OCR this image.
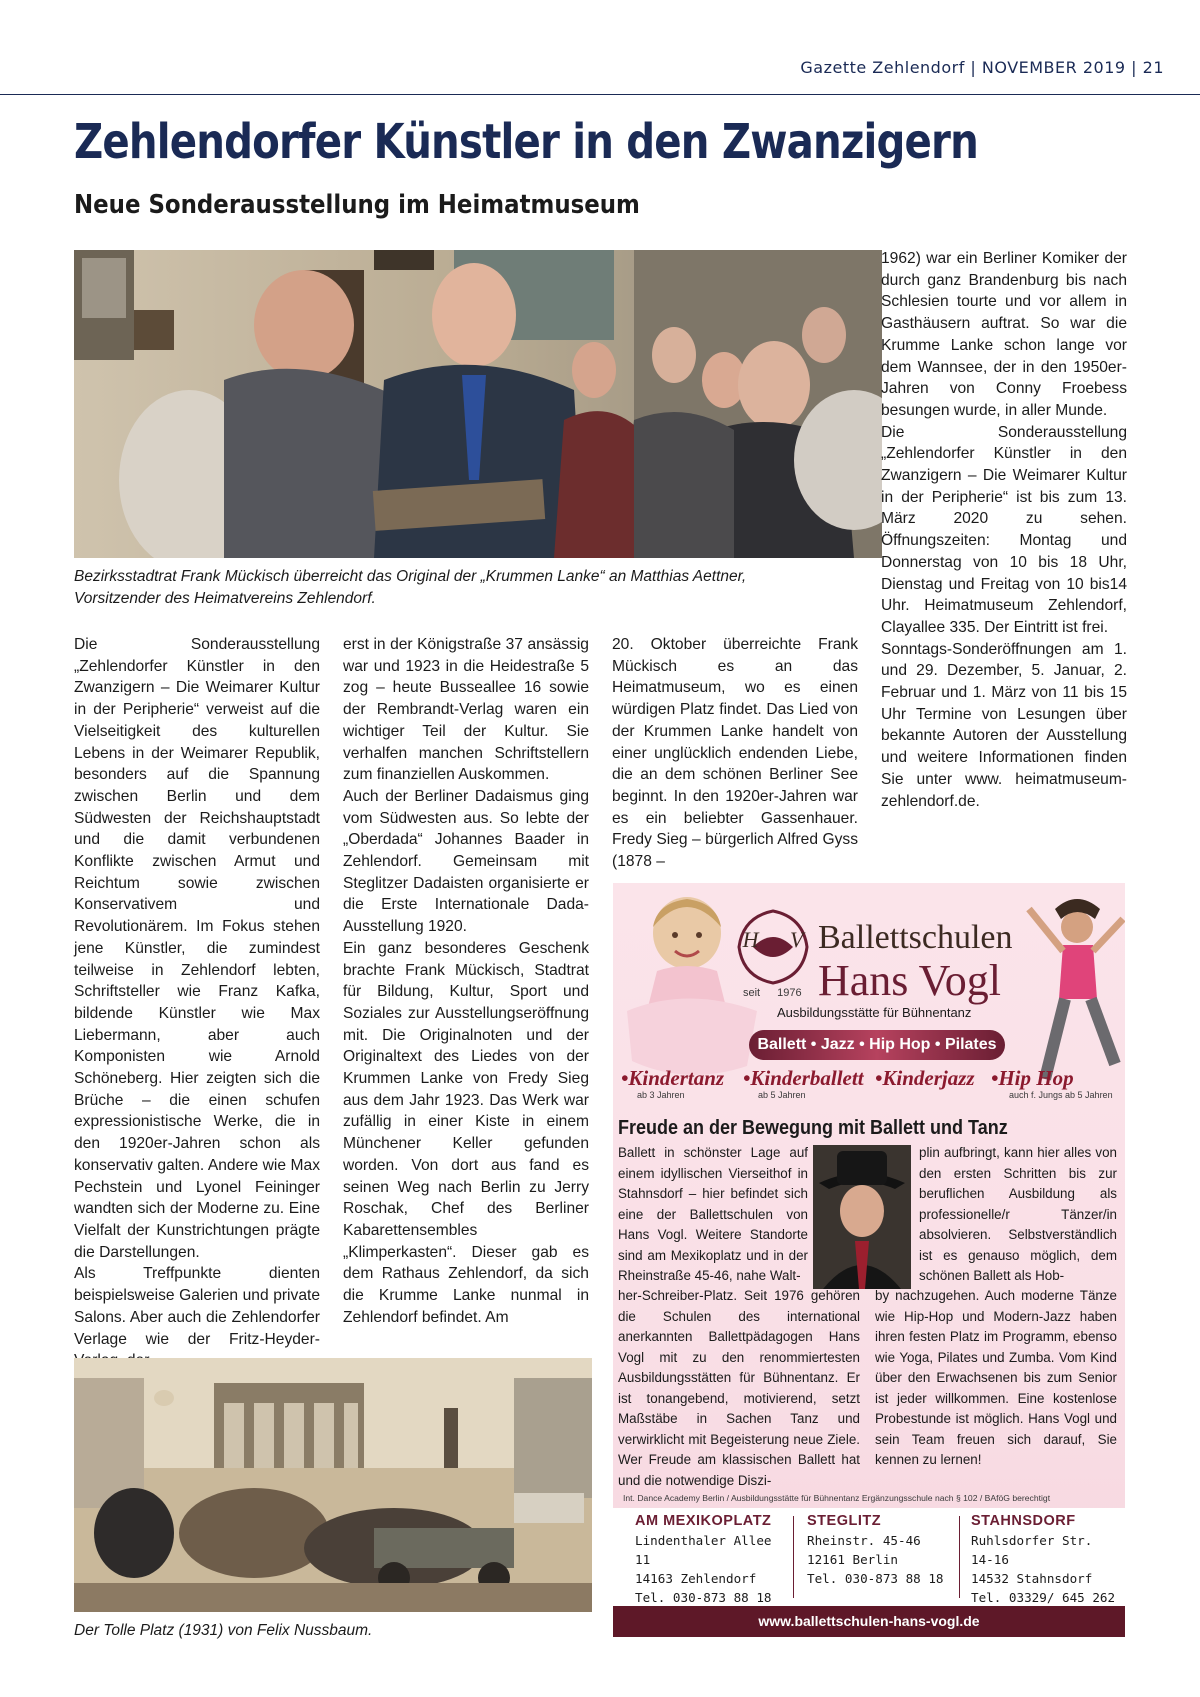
Gazette Zehlendorf | NOVEMBER 2019 | 21
Zehlendorfer Künstler in den Zwanzigern
Neue Sonderausstellung im Heimatmuseum
Bezirksstadtrat Frank Mückisch überreicht das Original der „Krummen Lanke“ an Matthias Aettner, Vorsitzender des Heimatvereins Zehlendorf.
Die Sonderausstellung „Zehlendorfer Künstler in den Zwanzigern – Die Weimarer Kultur in der Peripherie“ verweist auf die Vielseitigkeit des kulturellen Lebens in der Weimarer Republik, besonders auf die Spannung zwischen Berlin und dem Südwesten der Reichshauptstadt und die damit verbundenen Konflikte zwischen Armut und Reichtum sowie zwischen Konservativem und Revolutionärem. Im Fokus stehen jene Künstler, die zumindest teilweise in Zehlendorf lebten, Schriftsteller wie Franz Kafka, bildende Künstler wie Max Liebermann, aber auch Komponisten wie Arnold Schöneberg. Hier zeigten sich die Brüche – die einen schufen expressionistische Werke, die in den 1920er-Jahren schon als konservativ galten. Andere wie Max Pechstein und Lyonel Feininger wandten sich der Moderne zu. Eine Vielfalt der Kunstrichtungen prägte die Darstellungen.
Als Treffpunkte dienten beispielsweise Galerien und private Salons. Aber auch die Zehlendorfer Verlage wie der Fritz-Heyder-
erst in der Königstraße 37 ansässig war und 1923 in die Heidestraße 5 zog – heute Busseallee 16 sowie der Rembrandt-Verlag waren ein wichtiger Teil der Kultur. Sie verhalfen manchen Schriftstellern zum finanziellen Auskommen.
Auch der Berliner Dadaismus ging vom Südwesten aus. So lebte der „Oberdada“ Johannes Baader in Zehlendorf. Gemeinsam mit Steglitzer Dadaisten organisierte er die Erste Internationale Dada-Ausstellung 1920.
Ein ganz besonderes Geschenk brachte Frank Mückisch, Stadtrat für Bildung, Kultur, Sport und Soziales zur Ausstellungseröffnung mit. Die Originalnoten und der Originaltext des Liedes von der Krummen Lanke von Fredy Sieg aus dem Jahr 1923. Das Werk war zufällig in einer Kiste in einem Münchener Keller gefunden worden. Von dort aus fand es seinen Weg nach Berlin zu Jerry Roschak, Chef des Berliner Kabarettensembles „Klimperkasten“. Dieser gab es dem Rathaus Zehlendorf, da sich die Krumme Lanke nunmal in Zehlendorf befindet. Am
20. Oktober überreichte Frank Mückisch es an das Heimatmuseum, wo es einen würdigen Platz findet. Das Lied von der Krummen Lanke handelt von einer unglücklich endenden Liebe, die an dem schönen Berliner See beginnt. In den 1920er-Jahren war es ein beliebter Gassenhauer. Fredy Sieg – bürgerlich Alfred Gyss (1878 –
1962) war ein Berliner Komiker der durch ganz Brandenburg bis nach Schlesien tourte und vor allem in Gasthäusern auftrat. So war die Krumme Lanke schon lange vor dem Wannsee, der in den 1950er-Jahren von Conny Froebess besungen wurde, in aller Munde.
Die Sonderausstellung „Zehlendorfer Künstler in den Zwanzigern – Die Weimarer Kultur in der Peripherie“ ist bis zum 13. März 2020 zu sehen. Öffnungszeiten: Montag und Donnerstag von 10 bis 18 Uhr, Dienstag und Freitag von 10 bis14 Uhr. Heimatmuseum Zehlendorf, Clayallee 335. Der Eintritt ist frei.
Sonntags-Sonderöffnungen am 1. und 29. Dezember, 5. Januar, 2. Februar und 1. März von 11 bis 15 Uhr Termine von Lesungen über bekannte Autoren der Ausstellung und weitere Informationen finden Sie unter www. heimatmuseum-zehlendorf.de.
Der Tolle Platz (1931) von Felix Nussbaum.
H V
seit 1976
Ballettschulen
Hans Vogl
Ausbildungsstätte für Bühnentanz
Ballett • Jazz • Hip Hop • Pilates
•Kindertanz
ab 3 Jahren
•Kinderballett
ab 5 Jahren
•Kinderjazz •Hip Hop
auch f. Jungs ab 5 Jahren
Freude an der Bewegung mit Ballett und Tanz
Ballett in schönster Lage auf einem idyllischen Vierseithof in Stahnsdorf – hier befindet sich eine der Ballettschulen von Hans Vogl. Weitere Standorte sind am Mexikoplatz und in der Rheinstraße 45-46, nahe Walt-
plin aufbringt, kann hier alles von den ersten Schritten bis zur beruflichen Ausbildung als professionelle/r Tänzer/in absolvieren. Selbstverständlich ist es genauso möglich, dem schönen Ballett als Hob-
her-Schreiber-Platz. Seit 1976 gehören die Schulen des international anerkannten Ballettpädagogen Hans Vogl mit zu den renommiertesten Ausbildungsstätten für Bühnentanz. Er ist tonangebend, motivierend, setzt Maßstäbe in Sachen Tanz und verwirklicht mit Begeisterung neue Ziele. Wer Freude am klassischen Ballett hat und die notwendige Diszi-
by nachzugehen. Auch moderne Tänze wie Hip-Hop und Modern-Jazz haben ihren festen Platz im Programm, ebenso wie Yoga, Pilates und Zumba. Vom Kind über den Erwachsenen bis zum Senior ist jeder willkommen. Eine kostenlose Probestunde ist möglich. Hans Vogl und sein Team freuen sich darauf, Sie kennen zu lernen!
Int. Dance Academy Berlin / Ausbildungsstätte für Bühnentanz Ergänzungsschule nach § 102 / BAföG berechtigt
AM MEXIKOPLATZ
Lindenthaler Allee 11
14163 Zehlendorf
Tel. 030-873 88 18
STEGLITZ
Rheinstr. 45-46
12161 Berlin
Tel. 030-873 88 18
STAHNSDORF
Ruhlsdorfer Str. 14-16
14532 Stahnsdorf
Tel. 03329/ 645 262
www.ballettschulen-hans-vogl.de
